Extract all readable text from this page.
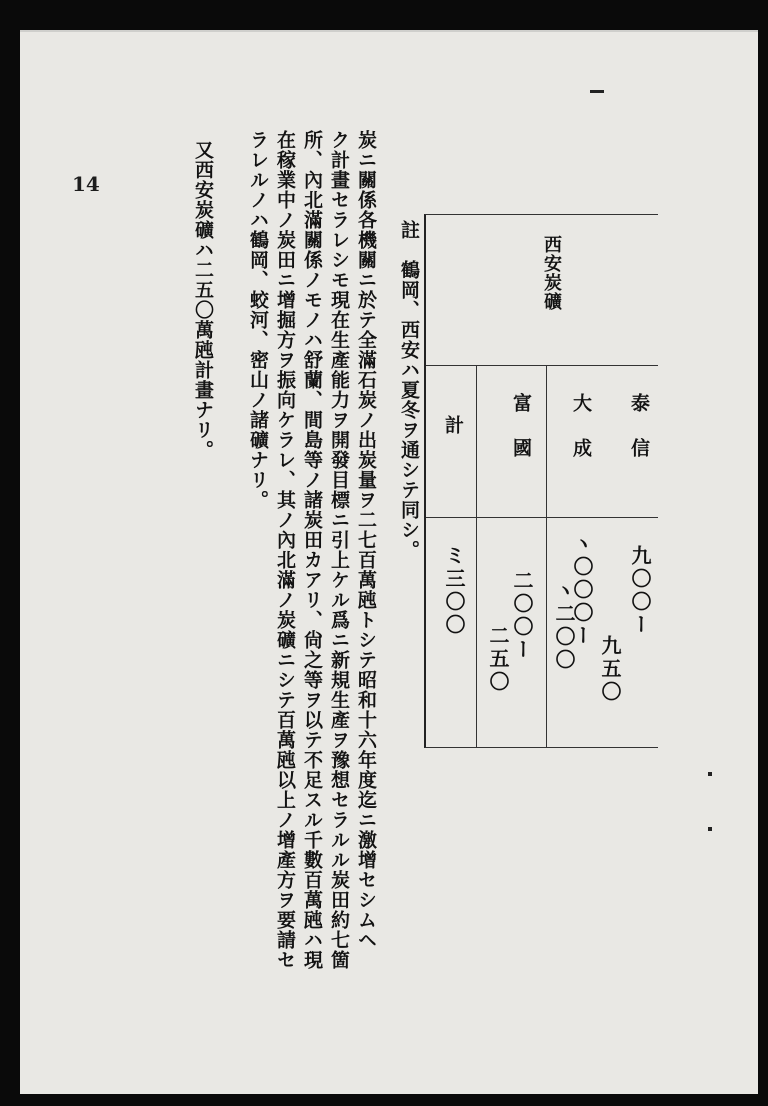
14
西安炭礦
泰信
九〇〇ー
九五〇
大成
ヽ〇〇〇ー
ヽ二〇〇
富國
二〇〇ー
二五〇
計
ミ三〇〇
註　鶴岡、西安ハ夏冬ヲ通シテ同シ。
炭ニ關係各機關ニ於テ全滿石炭ノ出炭量ヲ二七百萬瓲トシテ昭和十六年度迄ニ激增セシムヘ
ク計畫セラレシモ現在生產能力ヲ開發目標ニ引上ケル爲ニ新規生產ヲ豫想セラルル炭田約七箇
所、內北滿關係ノモノハ舒蘭、間島等ノ諸炭田カアリ、尙之等ヲ以テ不足スル千數百萬瓲ハ現
在稼業中ノ炭田ニ增掘方ヲ振向ケラレ、其ノ內北滿ノ炭礦ニシテ百萬瓲以上ノ增產方ヲ要請セ
ラレルノハ鶴岡、蛟河、密山ノ諸礦ナリ。
又西安炭礦ハ二五〇萬瓲計畫ナリ。
